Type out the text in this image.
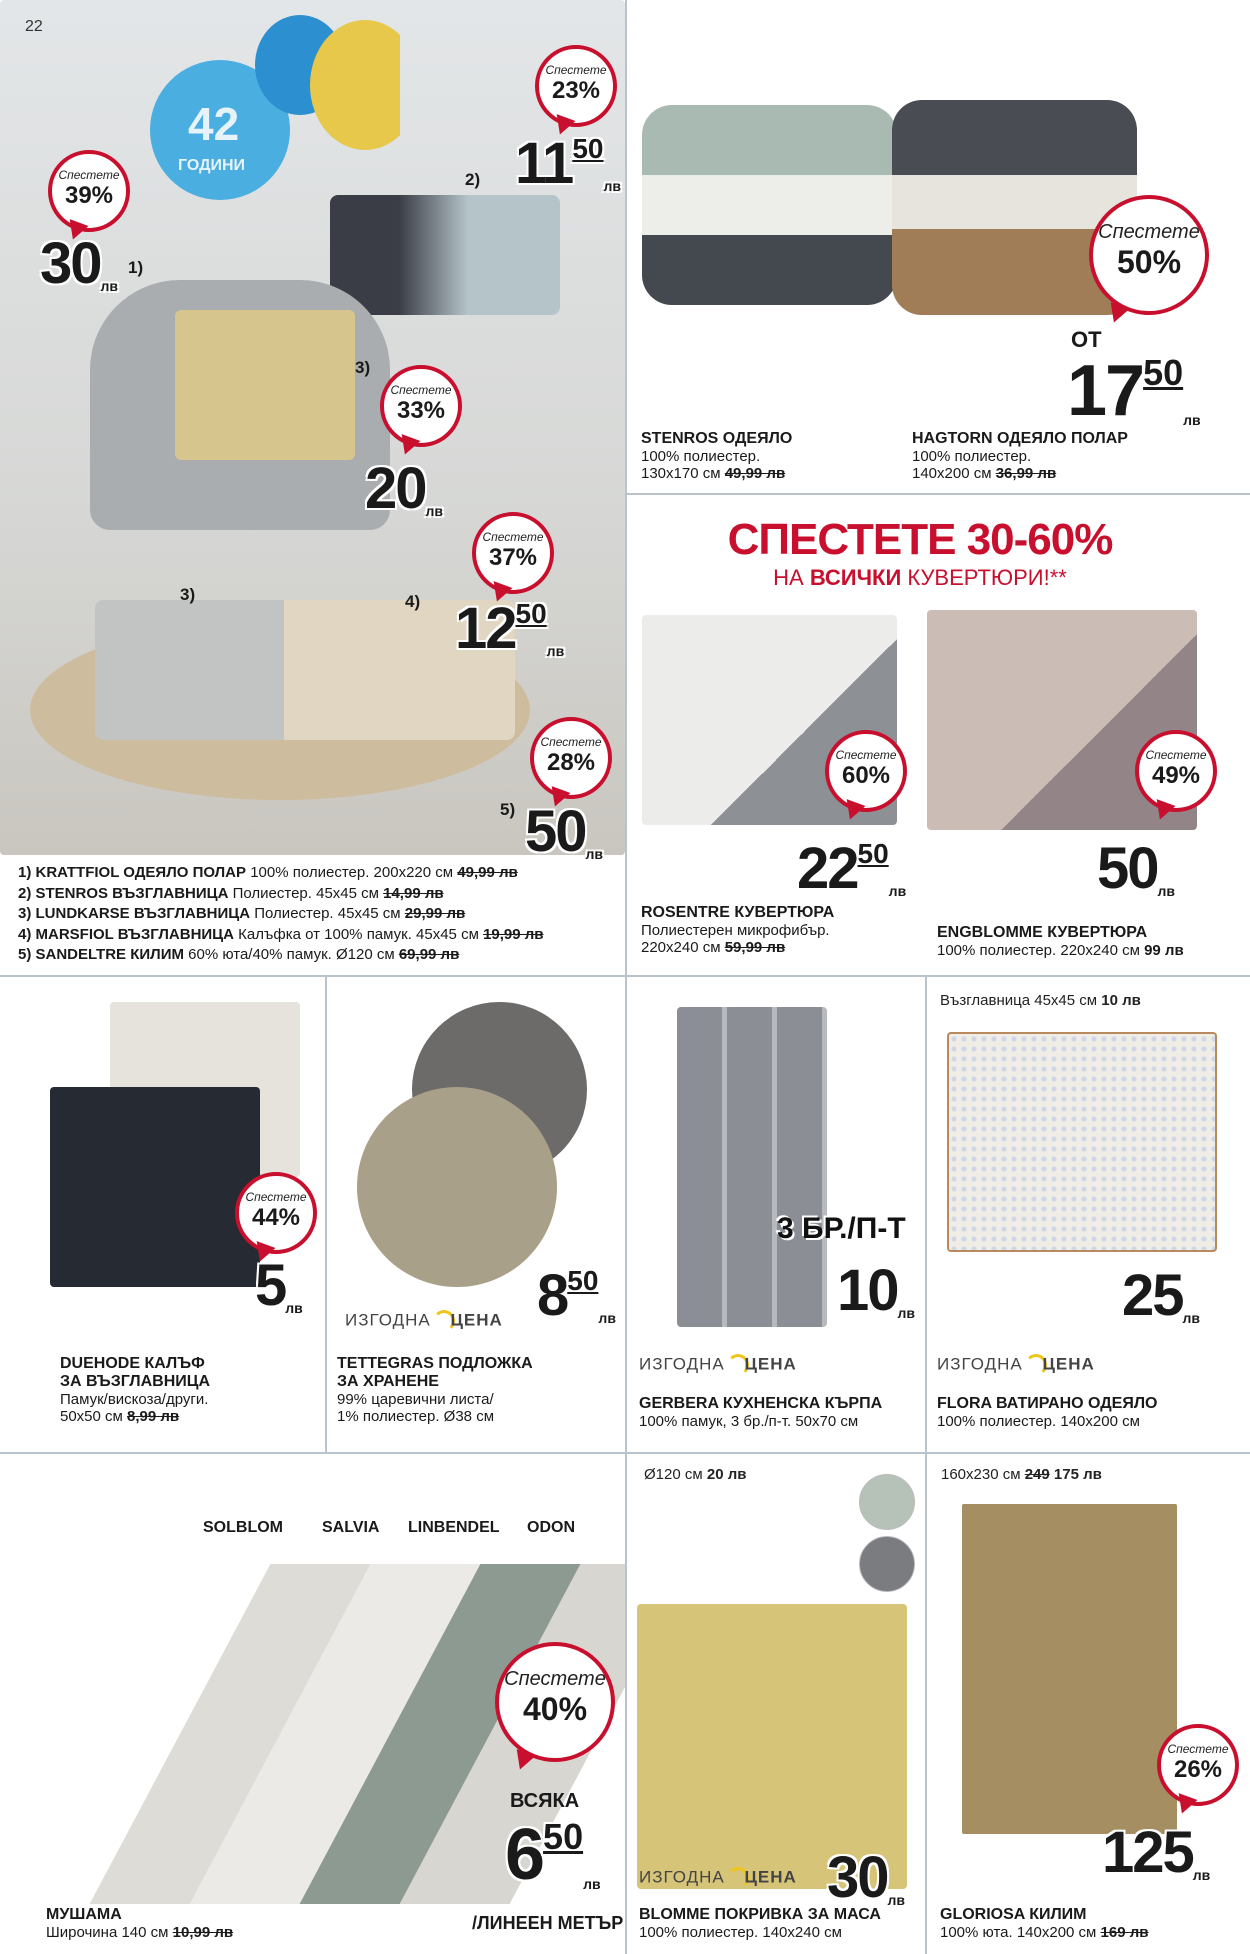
42
ГОДИНИ
22
Спестете
39%
30лв
1)
Спестете
23%
1150лв
2)
3)
Спестете
33%
20лв
Спестете
37%
3)	4) 1250лв
Спестете
28%
5) 50лв
1) KRATTFIOL ОДЕЯЛО ПОЛАР 100% полиестер. 200x220 см 49,99 лв
2) STENROS ВЪЗГЛАВНИЦА Полиестер. 45x45 см 14,99 лв
3) LUNDKARSE ВЪЗГЛАВНИЦА Полиестер. 45x45 см 29,99 лв
4) MARSFIOL ВЪЗГЛАВНИЦА Калъфка от 100% памук. 45x45 см 19,99 лв
5) SANDELTRE КИЛИМ 60% юта/40% памук. Ø120 см 69,99 лв
Спестете
50%
ОТ
1750лв
STENROS ОДЕЯЛО
100% полиестер.
130x170 см 49,99 лв
HAGTORN ОДЕЯЛО ПОЛАР
100% полиестер.
140x200 см 36,99 лв
СПЕСТЕТЕ 30-60%
НА ВСИЧКИ КУВЕРТЮРИ!**
Спестете
60%
Спестете
49%
2250лв	50лв
ROSENTRE КУВЕРТЮРА
Полиестерен микрофибър.
220x240 см 59,99 лв
ENGBLOMME КУВЕРТЮРА
100% полиестер. 220x240 см 99 лв
Спестете
44%
5лв
DUEHODE КАЛЪФ
ЗА ВЪЗГЛАВНИЦА
Памук/вискоза/други.
50x50 см 8,99 лв
850лв
ИЗГОДНА ЦЕНА
TETTEGRAS ПОДЛОЖКА
ЗА ХРАНЕНЕ
99% царевични листа/
1% полиестер. Ø38 см
3 БР./П-Т
10лв
ИЗГОДНА ЦЕНА
GERBERA КУХНЕНСКА КЪРПА
100% памук, 3 бр./п-т. 50x70 см
Възглавница 45x45 см 10 лв
25лв
ИЗГОДНА ЦЕНА
FLORA ВАТИРАНО ОДЕЯЛО
100% полиестер. 140x200 см
SOLBLOM SALVIA LINBENDEL ODON
Спестете
40%
ВСЯКА
650лв
/ЛИНЕЕН МЕТЪР
МУШАМА
Широчина 140 см 10,99 лв
Ø120 см 20 лв
ИЗГОДНА ЦЕНА 30лв
BLOMME ПОКРИВКА ЗА МАСА
100% полиестер. 140x240 см
160x230 см 249 175 лв
Спестете
26%
125лв
GLORIOSA КИЛИМ
100% юта. 140x200 см 169 лв
